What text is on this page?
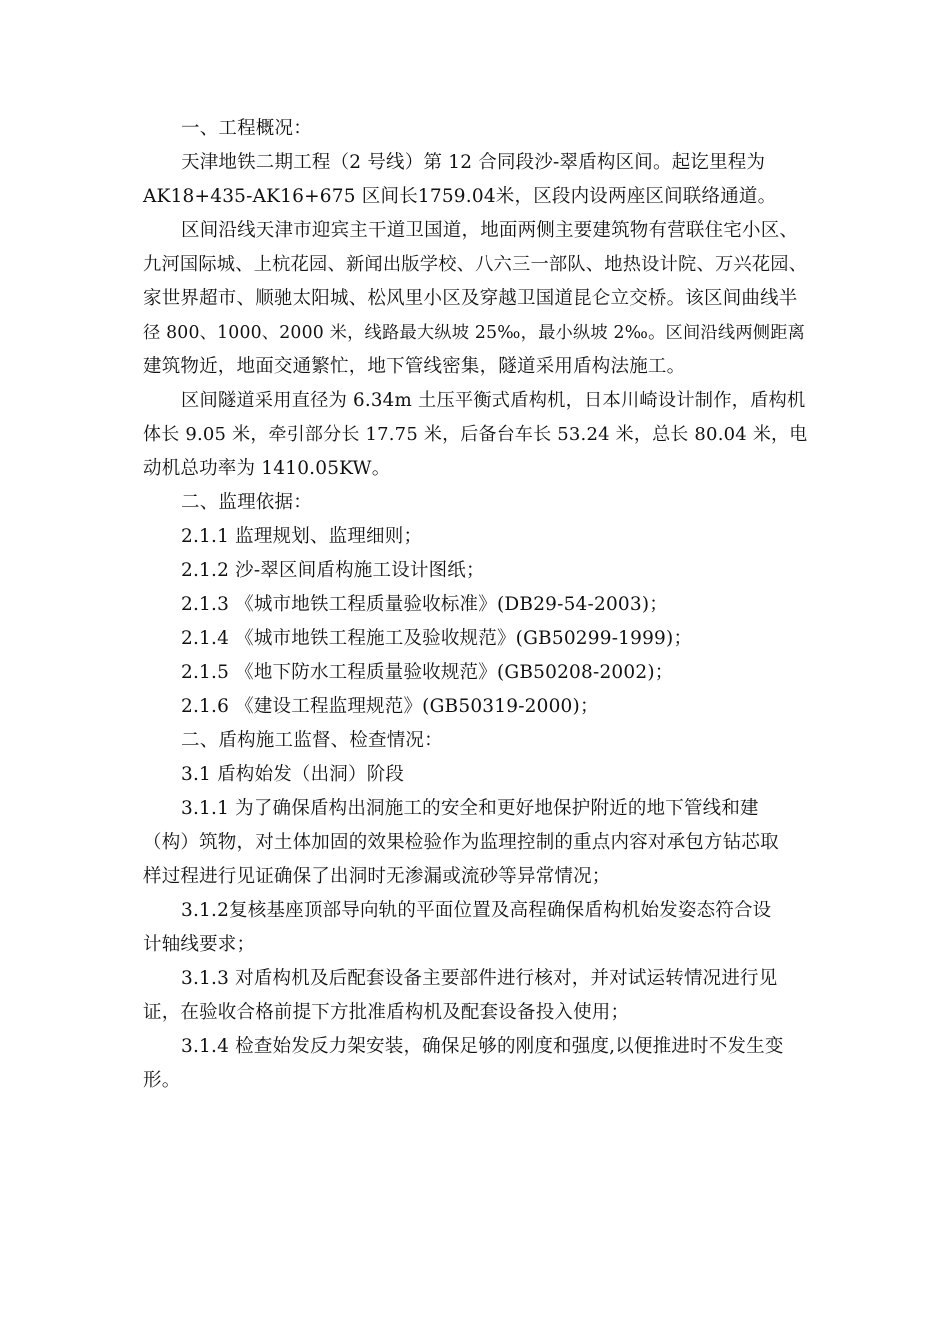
一、工程概况：
天津地铁二期工程（2 号线）第 12 合同段沙-翠盾构区间。起讫里程为
AK18+435-AK16+675 区间长1759.04米，区段内设两座区间联络通道。
区间沿线天津市迎宾主干道卫国道，地面两侧主要建筑物有营联住宅小区、
九河国际城、上杭花园、新闻出版学校、八六三一部队、地热设计院、万兴花园、
家世界超市、顺驰太阳城、松风里小区及穿越卫国道昆仑立交桥。该区间曲线半
径 800、1000、2000 米，线路最大纵坡 25‰，最小纵坡 2‰。区间沿线两侧距离
建筑物近，地面交通繁忙，地下管线密集，隧道采用盾构法施工。
区间隧道采用直径为 6.34m 土压平衡式盾构机，日本川崎设计制作，盾构机
体长 9.05 米，牵引部分长 17.75 米，后备台车长 53.24 米，总长 80.04 米，电
动机总功率为 1410.05KW。
二、监理依据：
2.1.1 监理规划、监理细则；
2.1.2 沙-翠区间盾构施工设计图纸；
2.1.3 《城市地铁工程质量验收标准》(DB29-54-2003)；
2.1.4 《城市地铁工程施工及验收规范》(GB50299-1999)；
2.1.5 《地下防水工程质量验收规范》(GB50208-2002)；
2.1.6 《建设工程监理规范》(GB50319-2000)；
二、盾构施工监督、检查情况：
3.1 盾构始发（出洞）阶段
3.1.1 为了确保盾构出洞施工的安全和更好地保护附近的地下管线和建
（构）筑物，对土体加固的效果检验作为监理控制的重点内容对承包方钻芯取
样过程进行见证确保了出洞时无渗漏或流砂等异常情况；
3.1.2复核基座顶部导向轨的平面位置及高程确保盾构机始发姿态符合设
计轴线要求；
3.1.3 对盾构机及后配套设备主要部件进行核对，并对试运转情况进行见
证，在验收合格前提下方批准盾构机及配套设备投入使用；
3.1.4 检查始发反力架安装，确保足够的刚度和强度,以便推进时不发生变
形。
